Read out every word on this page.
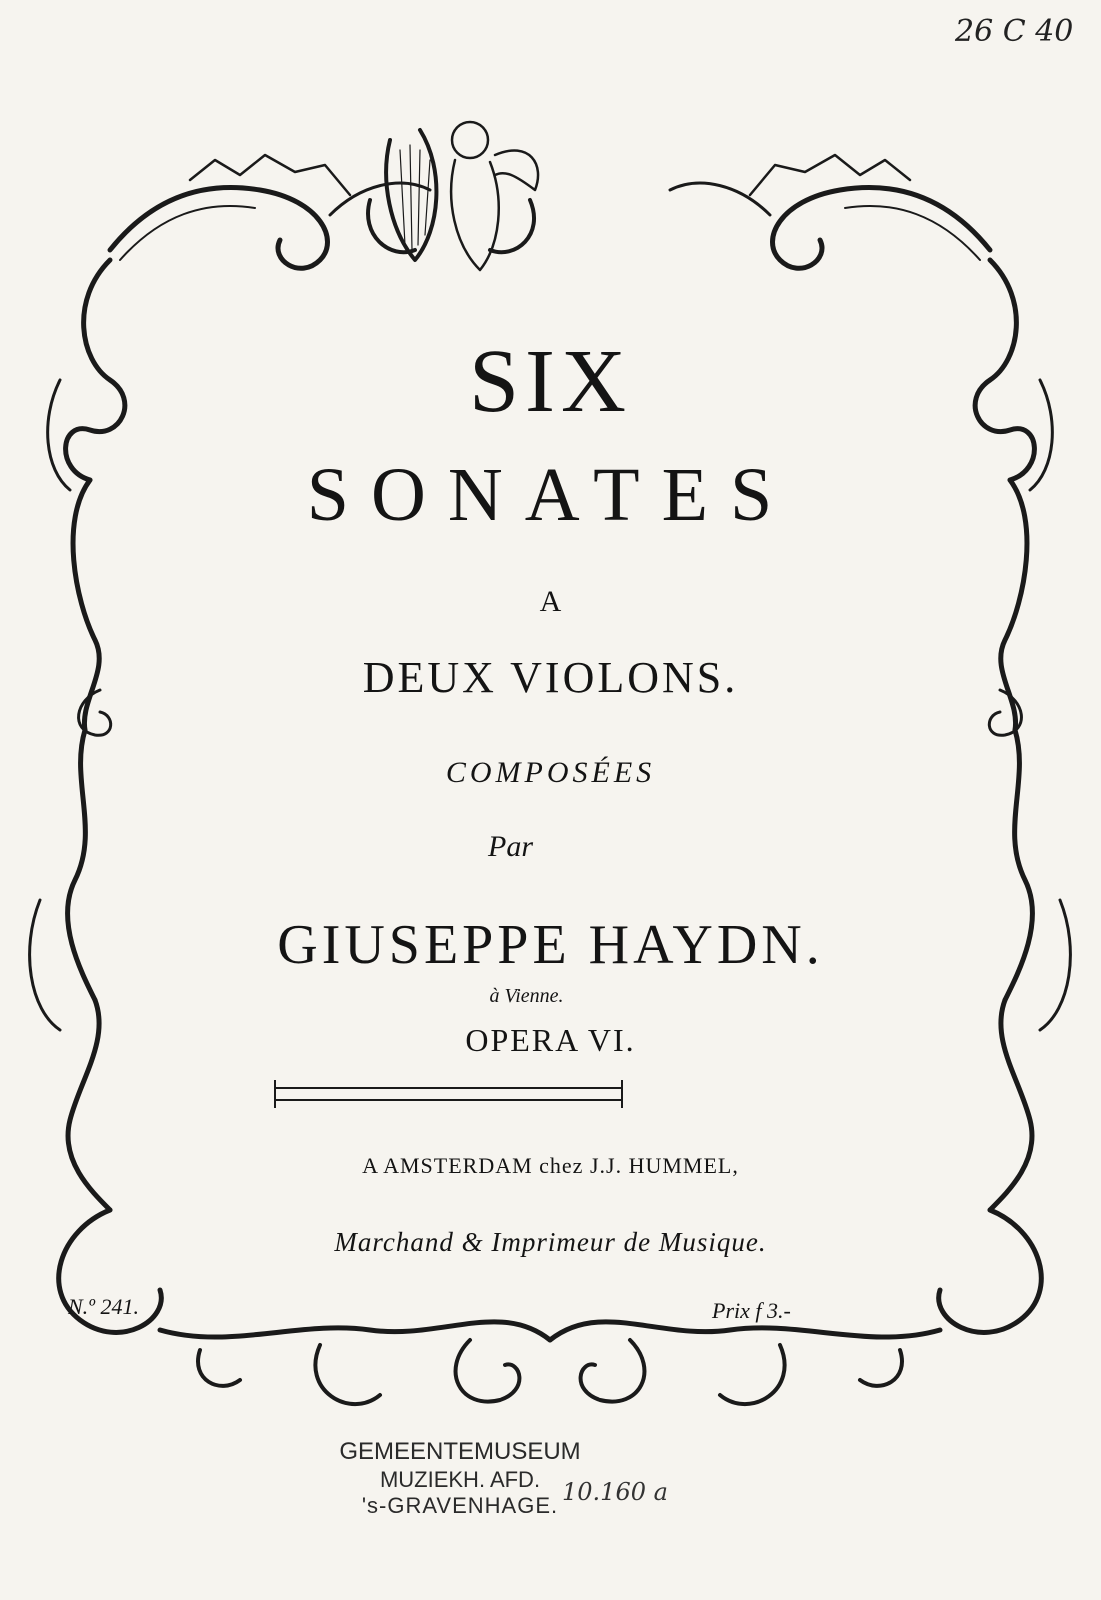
26 C 40
SIX
SONATES
A
DEUX VIOLONS.
COMPOSÉES
Par
GIUSEPPE HAYDN.
à Vienne.
OPERA VI.
A AMSTERDAM chez J.J. HUMMEL,
Marchand & Imprimeur de Musique.
N.º 241.	Prix f 3.-
GEMEENTEMUSEUM
MUZIEKH. AFD.
's-GRAVENHAGE. 10.160 a
